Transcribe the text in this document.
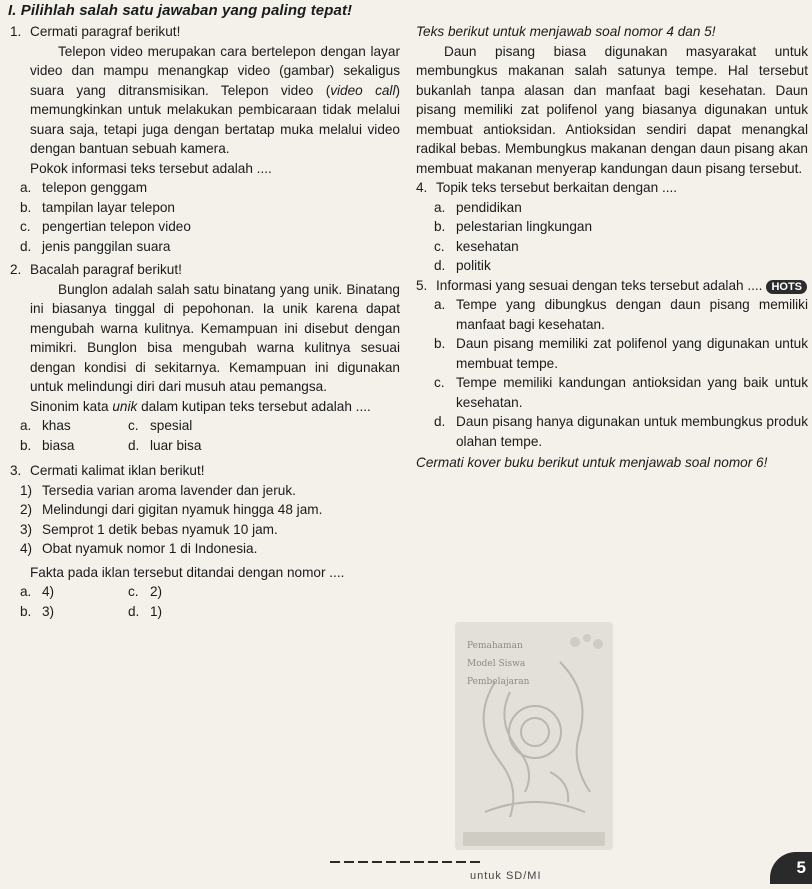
I. Pilihlah salah satu jawaban yang paling tepat!
1. Cermati paragraf berikut!
Telepon video merupakan cara bertelepon dengan layar video dan mampu menangkap video (gambar) sekaligus suara yang ditransmisikan. Telepon video (video call) memungkinkan untuk melakukan pembicaraan tidak melalui suara saja, tetapi juga dengan bertatap muka melalui video dengan bantuan sebuah kamera.
Pokok informasi teks tersebut adalah ....
a. telepon genggam
b. tampilan layar telepon
c. pengertian telepon video
d. jenis panggilan suara
2. Bacalah paragraf berikut!
Bunglon adalah salah satu binatang yang unik. Binatang ini biasanya tinggal di pepohonan. Ia unik karena dapat mengubah warna kulitnya. Kemampuan ini disebut dengan mimikri. Bunglon bisa mengubah warna kulitnya sesuai dengan kondisi di sekitarnya. Kemampuan ini digunakan untuk melindungi diri dari musuh atau pemangsa.
Sinonim kata unik dalam kutipan teks tersebut adalah ....
a. khas	c. spesial
b. biasa	d. luar bisa
3. Cermati kalimat iklan berikut!
1) Tersedia varian aroma lavender dan jeruk.
2) Melindungi dari gigitan nyamuk hingga 48 jam.
3) Semprot 1 detik bebas nyamuk 10 jam.
4) Obat nyamuk nomor 1 di Indonesia.
Fakta pada iklan tersebut ditandai dengan nomor ....
a. 4)	c. 2)
b. 3)	d. 1)
Teks berikut untuk menjawab soal nomor 4 dan 5!
Daun pisang biasa digunakan masyarakat untuk membungkus makanan salah satunya tempe. Hal tersebut bukanlah tanpa alasan dan manfaat bagi kesehatan. Daun pisang memiliki zat polifenol yang biasanya digunakan untuk membuat antioksidan. Antioksidan sendiri dapat menangkal radikal bebas. Membungkus makanan dengan daun pisang akan membuat makanan menyerap kandungan daun pisang tersebut.
4. Topik teks tersebut berkaitan dengan ....
a. pendidikan
b. pelestarian lingkungan
c. kesehatan
d. politik
5. Informasi yang sesuai dengan teks tersebut adalah .... HOTS
a. Tempe yang dibungkus dengan daun pisang memiliki manfaat bagi kesehatan.
b. Daun pisang memiliki zat polifenol yang digunakan untuk membuat tempe.
c. Tempe memiliki kandungan antioksidan yang baik untuk kesehatan.
d. Daun pisang hanya digunakan untuk membungkus produk olahan tempe.
Cermati kover buku berikut untuk menjawab soal nomor 6!
Pemahaman
Model Siswa
Pembelajaran
untuk SD/MI	5
